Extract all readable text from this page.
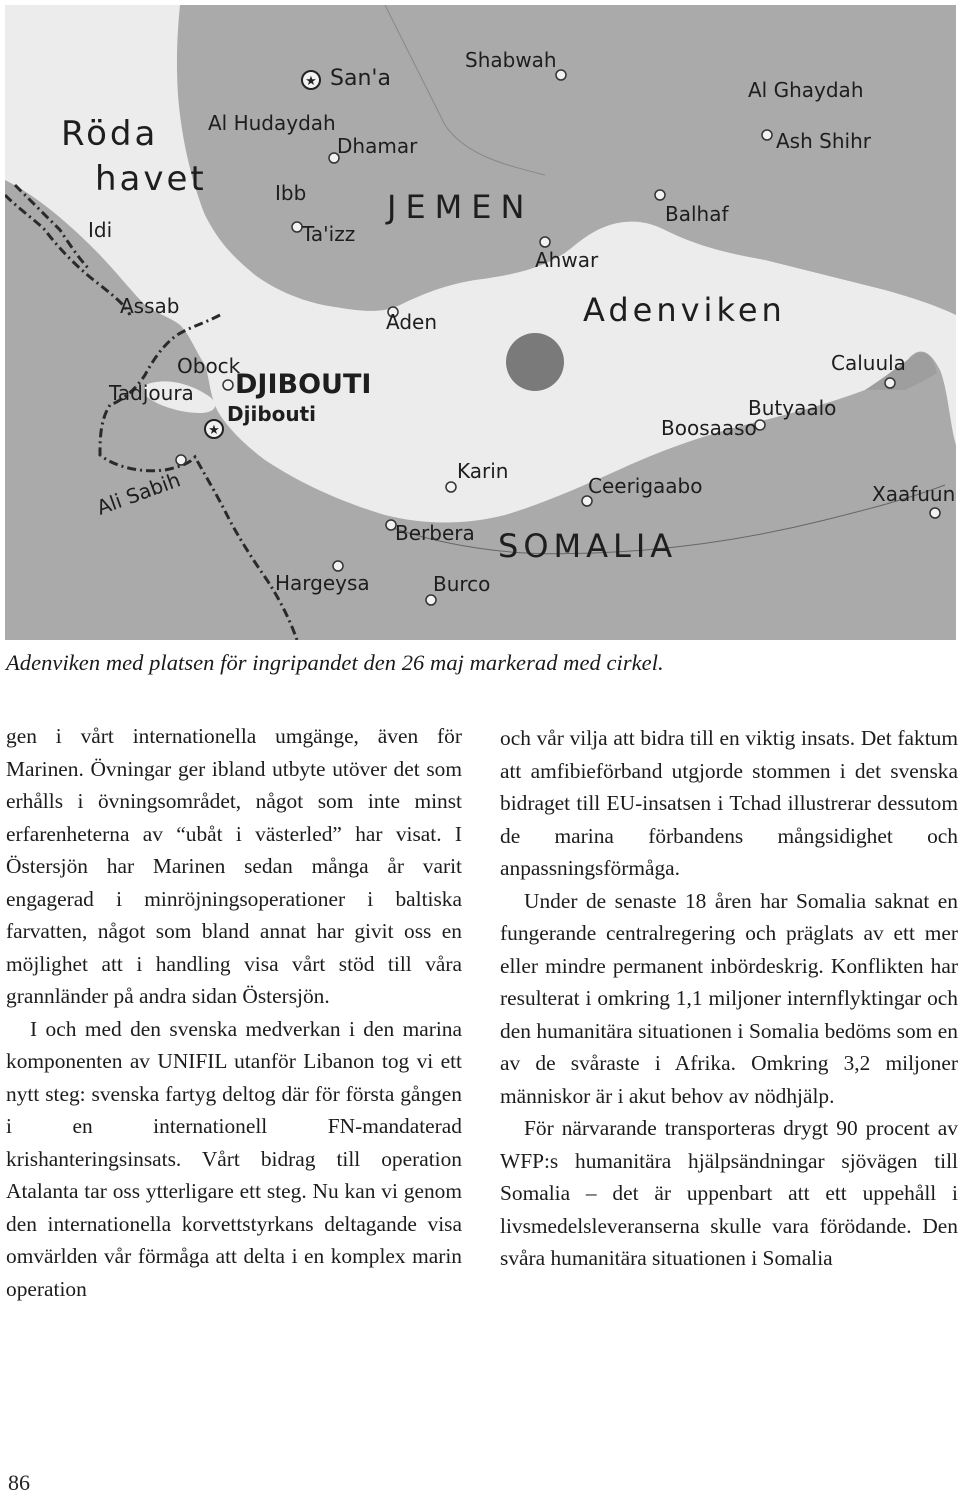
★
★
Röda
havet
JEMEN
DJIBOUTI
SOMALIA
Adenviken
San'a
Shabwah
Al Ghaydah
Ash Shihr
Al Hudaydah
Dhamar
Ibb
Ta'izz
Idi
Balhaf
Ahwar
Assab
Aden
Obock
Tadjoura
Djibouti
Caluula
Butyaalo
Boosaaso
Ali Sabih	Karin
Ceerigaabo	Xaafuun
Berbera
Hargeysa	Burco
Adenviken med platsen för ingripandet den 26 maj markerad med cirkel.

gen i vårt internationella umgänge, även för Marinen. Övningar ger ibland utbyte utöver det som erhålls i övningsområdet, något som inte minst erfarenheterna av “ubåt i västerled” har visat. I Östersjön har Marinen sedan många år varit engagerad i minröjningsoperationer i baltiska farvatten, något som bland annat har givit oss en möjlighet att i handling visa vårt stöd till våra grannländer på andra sidan Östersjön.

I och med den svenska medverkan i den marina komponenten av UNIFIL utanför Libanon tog vi ett nytt steg: svenska fartyg deltog där för första gången i en internationell FN-mandaterad krishanteringsinsats. Vårt bidrag till operation Atalanta tar oss ytterligare ett steg. Nu kan vi genom den internationella korvettstyrkans deltagande visa omvärlden vår förmåga att delta i en komplex marin operation

och vår vilja att bidra till en viktig insats. Det faktum att amfibieförband utgjorde stommen i det svenska bidraget till EU-insatsen i Tchad illustrerar dessutom de marina förbandens mångsidighet och anpassningsförmåga.

Under de senaste 18 åren har Somalia saknat en fungerande centralregering och präglats av ett mer eller mindre permanent inbördeskrig. Konflikten har resulterat i omkring 1,1 miljoner internflyktingar och den humanitära situationen i Somalia bedöms som en av de svåraste i Afrika. Omkring 3,2 miljoner människor är i akut behov av nödhjälp.

För närvarande transporteras drygt 90 procent av WFP:s humanitära hjälpsändningar sjövägen till Somalia – det är uppenbart att ett uppehåll i livsmedelsleveranserna skulle vara förödande. Den svåra humanitära situationen i Somalia

86
